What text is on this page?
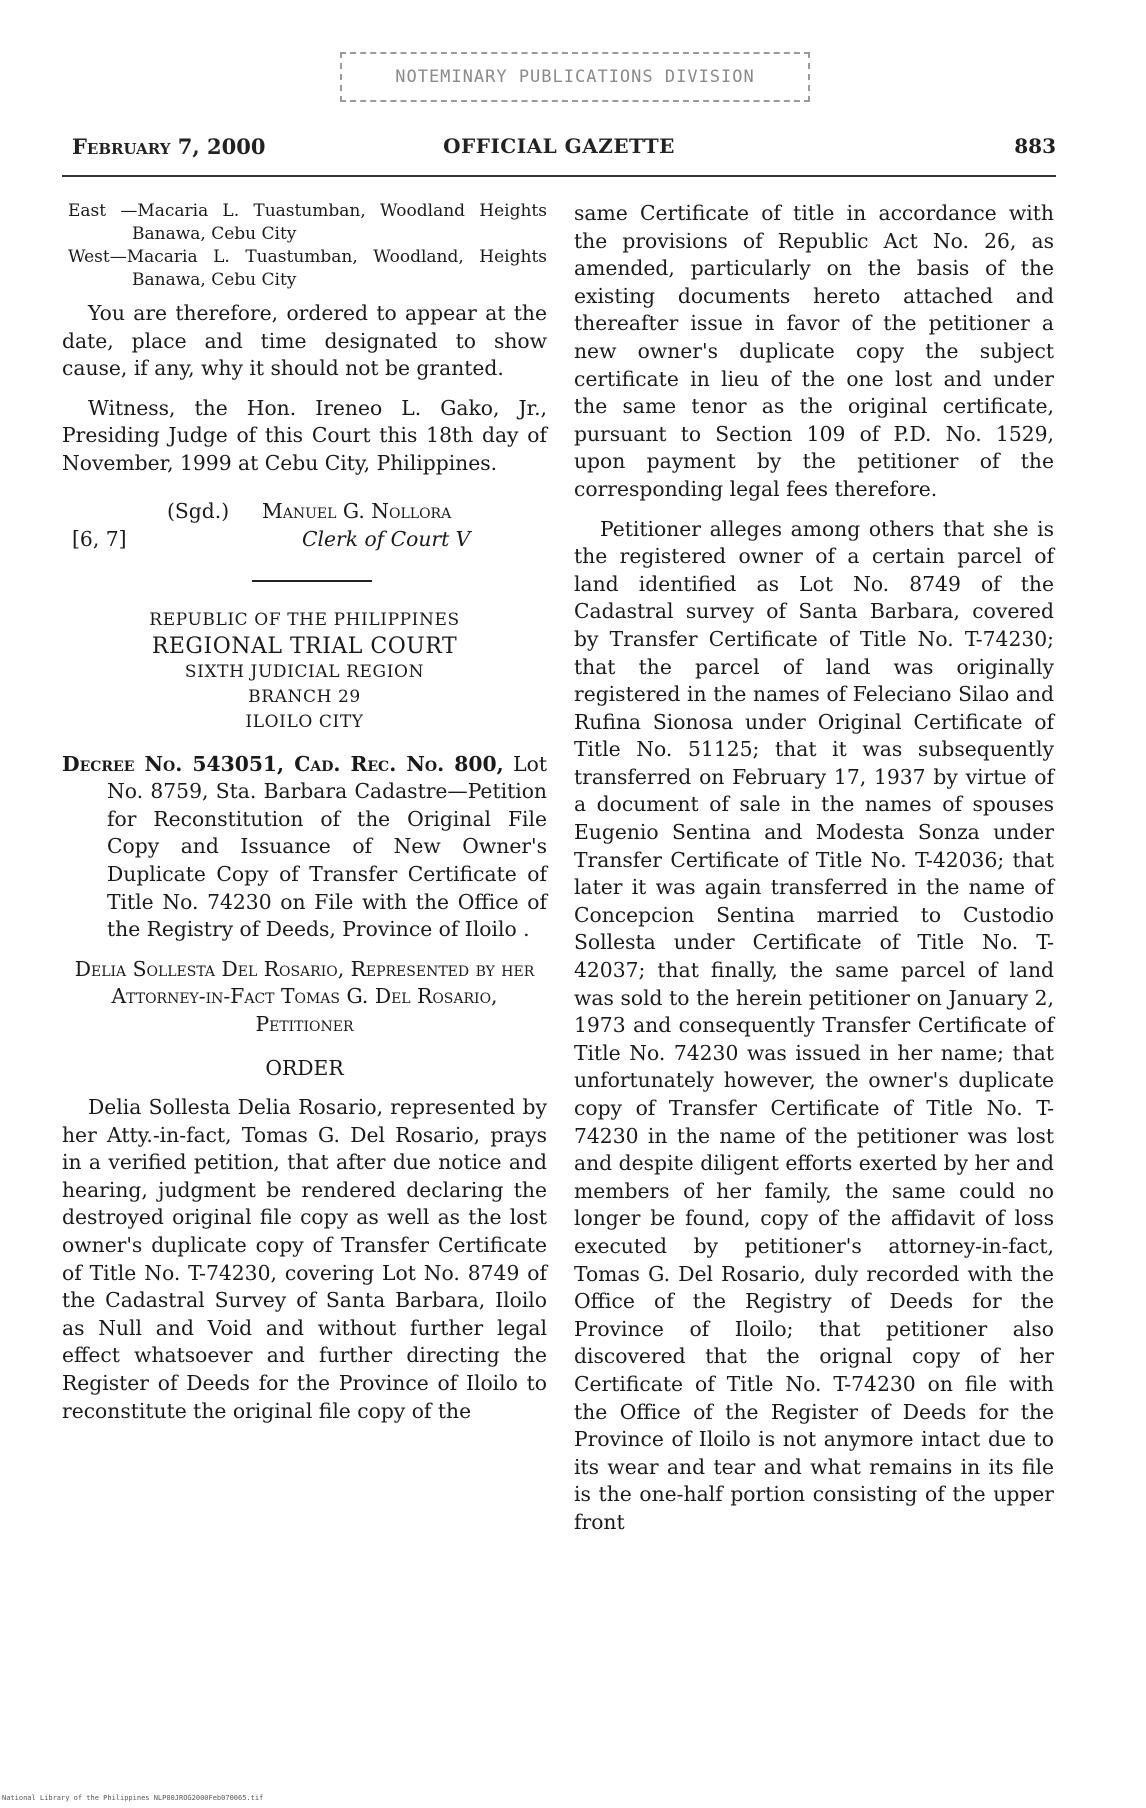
NOTEMINARY PUBLICATIONS DIVISION
February 7, 2000	OFFICIAL GAZETTE	883

East —Macaria L. Tuastumban, Woodland Heights Banawa, Cebu City

West—Macaria L. Tuastumban, Woodland, Heights Banawa, Cebu City

You are therefore, ordered to appear at the date, place and time designated to show cause, if any, why it should not be granted.

Witness, the Hon. Ireneo L. Gako, Jr., Presiding Judge of this Court this 18th day of November, 1999 at Cebu City, Philippines.

(Sgd.) Manuel G. Nollora
[6, 7]	Clerk of Court V

REPUBLIC OF THE PHILIPPINES

REGIONAL TRIAL COURT

SIXTH JUDICIAL REGION

BRANCH 29

ILOILO CITY

Decree No. 543051, Cad. Rec. No. 800, Lot No. 8759, Sta. Barbara Cadastre—Petition for Reconstitution of the Original File Copy and Issuance of New Owner's Duplicate Copy of Transfer Certificate of Title No. 74230 on File with the Office of the Registry of Deeds, Province of Iloilo .

Delia Sollesta Del Rosario, Represented by her Attorney-in-Fact Tomas G. Del Rosario, Petitioner

ORDER

Delia Sollesta Delia Rosario, represented by her Atty.-in-fact, Tomas G. Del Rosario, prays in a verified petition, that after due notice and hearing, judgment be rendered declaring the destroyed original file copy as well as the lost owner's duplicate copy of Transfer Certificate of Title No. T-74230, covering Lot No. 8749 of the Cadastral Survey of Santa Barbara, Iloilo as Null and Void and without further legal effect whatsoever and further directing the Register of Deeds for the Province of Iloilo to reconstitute the original file copy of the

same Certificate of title in accordance with the provisions of Republic Act No. 26, as amended, particularly on the basis of the existing documents hereto attached and thereafter issue in favor of the petitioner a new owner's duplicate copy the subject certificate in lieu of the one lost and under the same tenor as the original certificate, pursuant to Section 109 of P.D. No. 1529, upon payment by the petitioner of the corresponding legal fees therefore.

Petitioner alleges among others that she is the registered owner of a certain parcel of land identified as Lot No. 8749 of the Cadastral survey of Santa Barbara, covered by Transfer Certificate of Title No. T-74230; that the parcel of land was originally registered in the names of Feleciano Silao and Rufina Sionosa under Original Certificate of Title No. 51125; that it was subsequently transferred on February 17, 1937 by virtue of a document of sale in the names of spouses Eugenio Sentina and Modesta Sonza under Transfer Certificate of Title No. T-42036; that later it was again transferred in the name of Concepcion Sentina married to Custodio Sollesta under Certificate of Title No. T-42037; that finally, the same parcel of land was sold to the herein petitioner on January 2, 1973 and consequently Transfer Certificate of Title No. 74230 was issued in her name; that unfortunately however, the owner's duplicate copy of Transfer Certificate of Title No. T-74230 in the name of the petitioner was lost and despite diligent efforts exerted by her and members of her family, the same could no longer be found, copy of the affidavit of loss executed by petitioner's attorney-in-fact, Tomas G. Del Rosario, duly recorded with the Office of the Registry of Deeds for the Province of Iloilo; that petitioner also discovered that the orignal copy of her Certificate of Title No. T-74230 on file with the Office of the Register of Deeds for the Province of Iloilo is not anymore intact due to its wear and tear and what remains in its file is the one-half portion consisting of the upper front

National Library of the Philippines NLP00JROG2000Feb070065.tif
